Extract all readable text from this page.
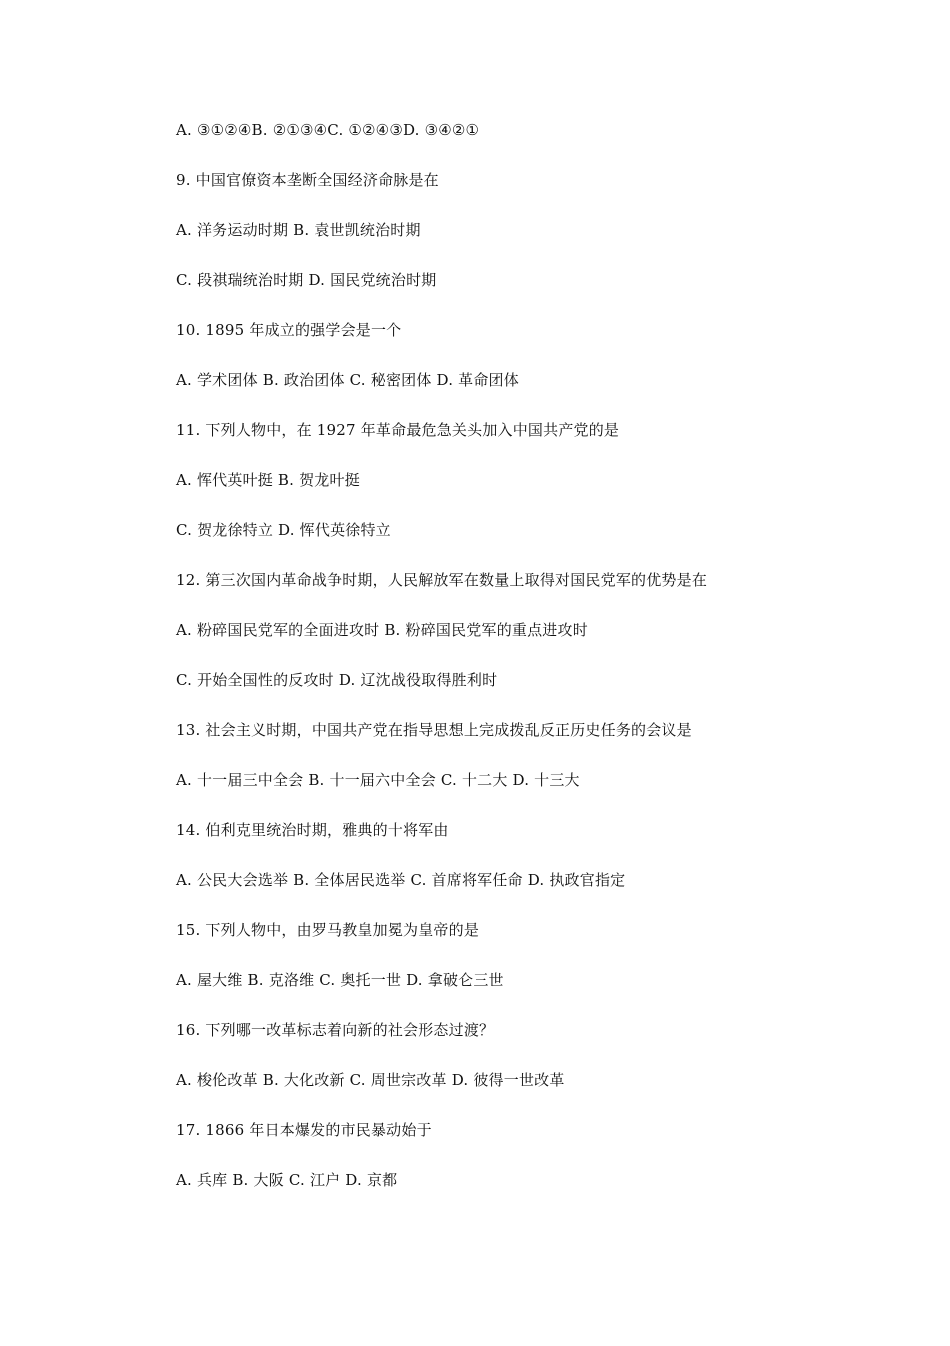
A. ③①②④B. ②①③④C. ①②④③D. ③④②①
9. 中国官僚资本垄断全国经济命脉是在
A. 洋务运动时期 B. 袁世凯统治时期
C. 段祺瑞统治时期 D. 国民党统治时期
10. 1895 年成立的强学会是一个
A. 学术团体 B. 政治团体 C. 秘密团体 D. 革命团体
11. 下列人物中，在 1927 年革命最危急关头加入中国共产党的是
A. 恽代英叶挺 B. 贺龙叶挺
C. 贺龙徐特立 D. 恽代英徐特立
12. 第三次国内革命战争时期，人民解放军在数量上取得对国民党军的优势是在
A. 粉碎国民党军的全面进攻时 B. 粉碎国民党军的重点进攻时
C. 开始全国性的反攻时 D. 辽沈战役取得胜利时
13. 社会主义时期，中国共产党在指导思想上完成拨乱反正历史任务的会议是
A. 十一届三中全会 B. 十一届六中全会 C. 十二大 D. 十三大
14. 伯利克里统治时期，雅典的十将军由
A. 公民大会选举 B. 全体居民选举 C. 首席将军任命 D. 执政官指定
15. 下列人物中，由罗马教皇加冕为皇帝的是
A. 屋大维 B. 克洛维 C. 奥托一世 D. 拿破仑三世
16. 下列哪一改革标志着向新的社会形态过渡？
A. 梭伦改革 B. 大化改新 C. 周世宗改革 D. 彼得一世改革
17. 1866 年日本爆发的市民暴动始于
A. 兵库 B. 大阪 C. 江户 D. 京都
